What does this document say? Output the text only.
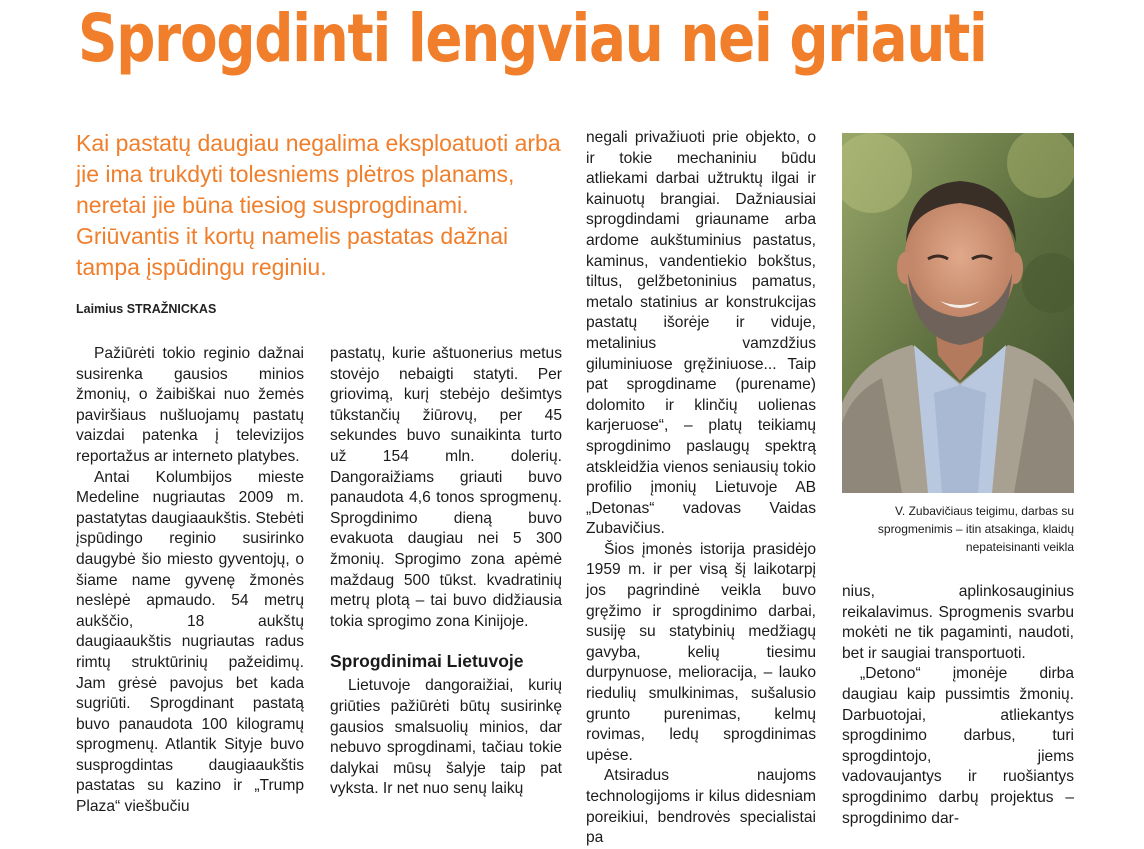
Sprogdinti lengviau nei griauti

Kai pastatų daugiau negalima eksploatuoti arba jie ima trukdyti tolesniems plėtros planams, neretai jie būna tiesiog susprogdinami. Griūvantis it kortų namelis pastatas dažnai tampa įspūdingu reginiu.

Laimius STRAŽNICKAS

Pažiūrėti tokio reginio dažnai susirenka gausios minios žmonių, o žaibiškai nuo žemės paviršiaus nušluojamų pastatų vaizdai patenka į televizijos reportažus ar interneto platybes.

Antai Kolumbijos mieste Medeline nugriautas 2009 m. pastatytas daugiaaukštis. Stebėti įspūdingo reginio susirinko daugybė šio miesto gyventojų, o šiame name gyvenę žmonės neslėpė apmaudo. 54 metrų aukščio, 18 aukštų daugiaaukštis nugriautas radus rimtų struktūrinių pažeidimų. Jam grėsė pavojus bet kada sugriūti. Sprogdinant pastatą buvo panaudota 100 kilogramų sprogmenų. Atlantik Sityje buvo susprogdintas daugiaaukštis pastatas su kazino ir „Trump Plaza“ viešbučiu

pastatų, kurie aštuonerius metus stovėjo nebaigti statyti. Per griovimą, kurį stebėjo dešimtys tūkstančių žiūrovų, per 45 sekundes buvo sunaikinta turto už 154 mln. dolerių. Dangoraižiams griauti buvo panaudota 4,6 tonos sprogmenų. Sprogdinimo dieną buvo evakuota daugiau nei 5 300 žmonių. Sprogimo zona apėmė maždaug 500 tūkst. kvadratinių metrų plotą – tai buvo didžiausia tokia sprogimo zona Kinijoje.

Sprogdinimai Lietuvoje

Lietuvoje dangoraižiai, kurių griūties pažiūrėti būtų susirinkę gausios smalsuolių minios, dar nebuvo sprogdinami, tačiau tokie dalykai mūsų šalyje taip pat vyksta. Ir net nuo senų laikų

negali privažiuoti prie objekto, o ir tokie mechaniniu būdu atliekami darbai užtruktų ilgai ir kainuotų brangiai. Dažniausiai sprogdindami griauname arba ardome aukštuminius pastatus, kaminus, vandentiekio bokštus, tiltus, gelžbetoninius pamatus, metalo statinius ar konstrukcijas pastatų išorėje ir viduje, metalinius vamzdžius giluminiuose gręžiniuose... Taip pat sprogdiname (purename) dolomito ir klinčių uolienas karjeruose“, – platų teikiamų sprogdinimo paslaugų spektrą atskleidžia vienos seniausių tokio profilio įmonių Lietuvoje AB „Detonas“ vadovas Vaidas Zubavičius.

Šios įmonės istorija prasidėjo 1959 m. ir per visą šį laikotarpį jos pagrindinė veikla buvo gręžimo ir sprogdinimo darbai, susiję su statybinių medžiagų gavyba, kelių tiesimu durpynuose, melioracija, – lauko riedulių smulkinimas, sušalusio grunto purenimas, kelmų rovimas, ledų sprogdinimas upėse.

Atsiradus naujoms technologijoms ir kilus didesniam poreikiui, bendrovės specialistai pa

V. Zubavičiaus teigimu, darbas su sprogmenimis – itin atsakinga, klaidų nepateisinanti veikla

nius, aplinkosauginius reikalavimus. Sprogmenis svarbu mokėti ne tik pagaminti, naudoti, bet ir saugiai transportuoti.

„Detono“ įmonėje dirba daugiau kaip pussimtis žmonių. Darbuotojai, atliekantys sprogdinimo darbus, turi sprogdintojo, jiems vadovaujantys ir ruošiantys sprogdinimo darbų projektus – sprogdinimo dar-
